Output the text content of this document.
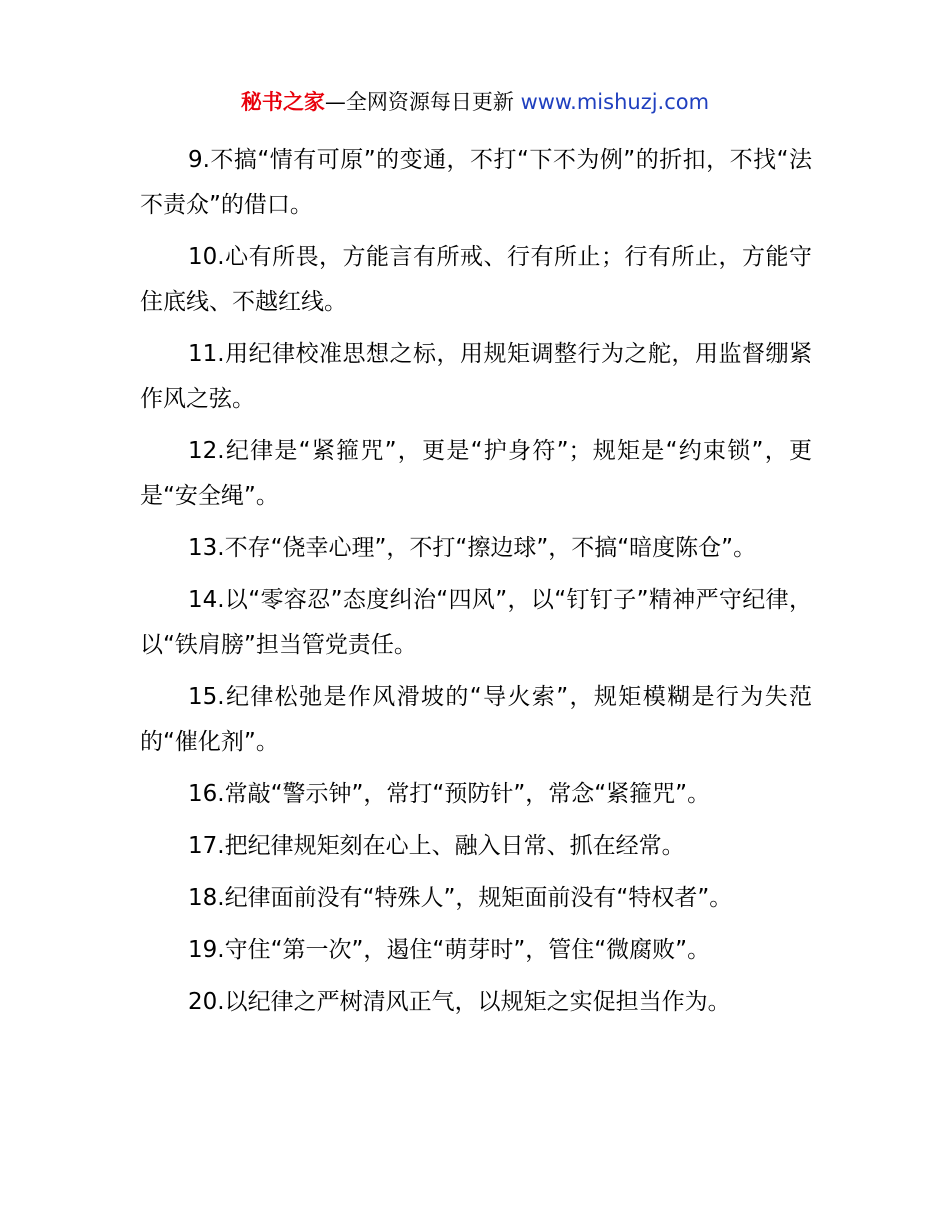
秘书之家—全网资源每日更新 www.mishuzj.com

9.不搞“情有可原”的变通，不打“下不为例”的折扣，不找“法不责众”的借口。

10.心有所畏，方能言有所戒、行有所止；行有所止，方能守住底线、不越红线。

11.用纪律校准思想之标，用规矩调整行为之舵，用监督绷紧作风之弦。

12.纪律是“紧箍咒”，更是“护身符”；规矩是“约束锁”，更是“安全绳”。

13.不存“侥幸心理”，不打“擦边球”，不搞“暗度陈仓”。

14.以“零容忍”态度纠治“四风”，以“钉钉子”精神严守纪律，以“铁肩膀”担当管党责任。

15.纪律松弛是作风滑坡的“导火索”，规矩模糊是行为失范的“催化剂”。

16.常敲“警示钟”，常打“预防针”，常念“紧箍咒”。

17.把纪律规矩刻在心上、融入日常、抓在经常。

18.纪律面前没有“特殊人”，规矩面前没有“特权者”。

19.守住“第一次”，遏住“萌芽时”，管住“微腐败”。

20.以纪律之严树清风正气，以规矩之实促担当作为。
